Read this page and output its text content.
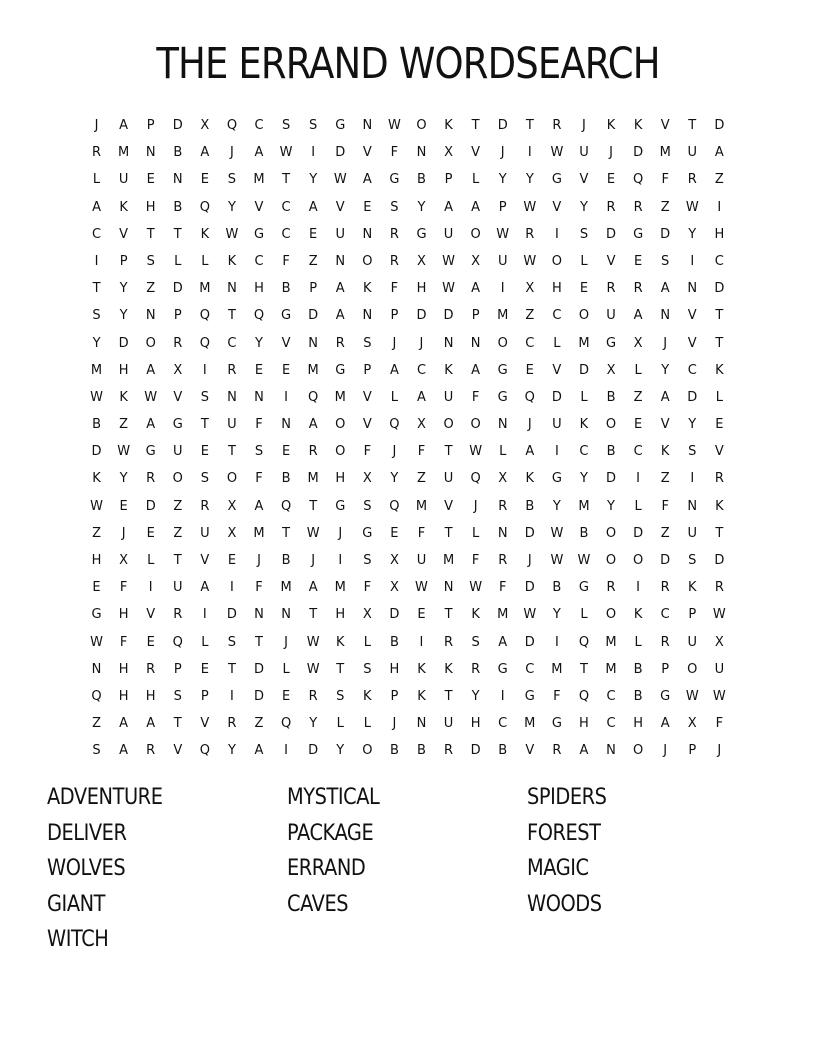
THE ERRAND WORDSEARCH
J	A	P	D	X	Q	C	S	S	G	N	W	O	K	T	D	T	R	J	K	K	V	T	D
R	M	N	B	A	J	A	W	I	D	V	F	N	X	V	J	I	W	U	J	D	M	U	A
L	U	E	N	E	S	M	T	Y	W	A	G	B	P	L	Y	Y	G	V	E	Q	F	R	Z
A	K	H	B	Q	Y	V	C	A	V	E	S	Y	A	A	P	W	V	Y	R	R	Z	W	I
C	V	T	T	K	W	G	C	E	U	N	R	G	U	O	W	R	I	S	D	G	D	Y	H
I	P	S	L	L	K	C	F	Z	N	O	R	X	W	X	U	W	O	L	V	E	S	I	C
T	Y	Z	D	M	N	H	B	P	A	K	F	H	W	A	I	X	H	E	R	R	A	N	D
S	Y	N	P	Q	T	Q	G	D	A	N	P	D	D	P	M	Z	C	O	U	A	N	V	T
Y	D	O	R	Q	C	Y	V	N	R	S	J	J	N	N	O	C	L	M	G	X	J	V	T
M	H	A	X	I	R	E	E	M	G	P	A	C	K	A	G	E	V	D	X	L	Y	C	K
W	K	W	V	S	N	N	I	Q	M	V	L	A	U	F	G	Q	D	L	B	Z	A	D	L
B	Z	A	G	T	U	F	N	A	O	V	Q	X	O	O	N	J	U	K	O	E	V	Y	E
D	W	G	U	E	T	S	E	R	O	F	J	F	T	W	L	A	I	C	B	C	K	S	V
K	Y	R	O	S	O	F	B	M	H	X	Y	Z	U	Q	X	K	G	Y	D	I	Z	I	R
W	E	D	Z	R	X	A	Q	T	G	S	Q	M	V	J	R	B	Y	M	Y	L	F	N	K
Z	J	E	Z	U	X	M	T	W	J	G	E	F	T	L	N	D	W	B	O	D	Z	U	T
H	X	L	T	V	E	J	B	J	I	S	X	U	M	F	R	J	W	W	O	O	D	S	D
E	F	I	U	A	I	F	M	A	M	F	X	W	N	W	F	D	B	G	R	I	R	K	R
G	H	V	R	I	D	N	N	T	H	X	D	E	T	K	M	W	Y	L	O	K	C	P	W
W	F	E	Q	L	S	T	J	W	K	L	B	I	R	S	A	D	I	Q	M	L	R	U	X
N	H	R	P	E	T	D	L	W	T	S	H	K	K	R	G	C	M	T	M	B	P	O	U
Q	H	H	S	P	I	D	E	R	S	K	P	K	T	Y	I	G	F	Q	C	B	G	W	W
Z	A	A	T	V	R	Z	Q	Y	L	L	J	N	U	H	C	M	G	H	C	H	A	X	F
S	A	R	V	Q	Y	A	I	D	Y	O	B	B	R	D	B	V	R	A	N	O	J	P	J
ADVENTURE	MYSTICAL	SPIDERS
DELIVER	PACKAGE	FOREST
WOLVES	ERRAND	MAGIC
GIANT	CAVES	WOODS
WITCH
